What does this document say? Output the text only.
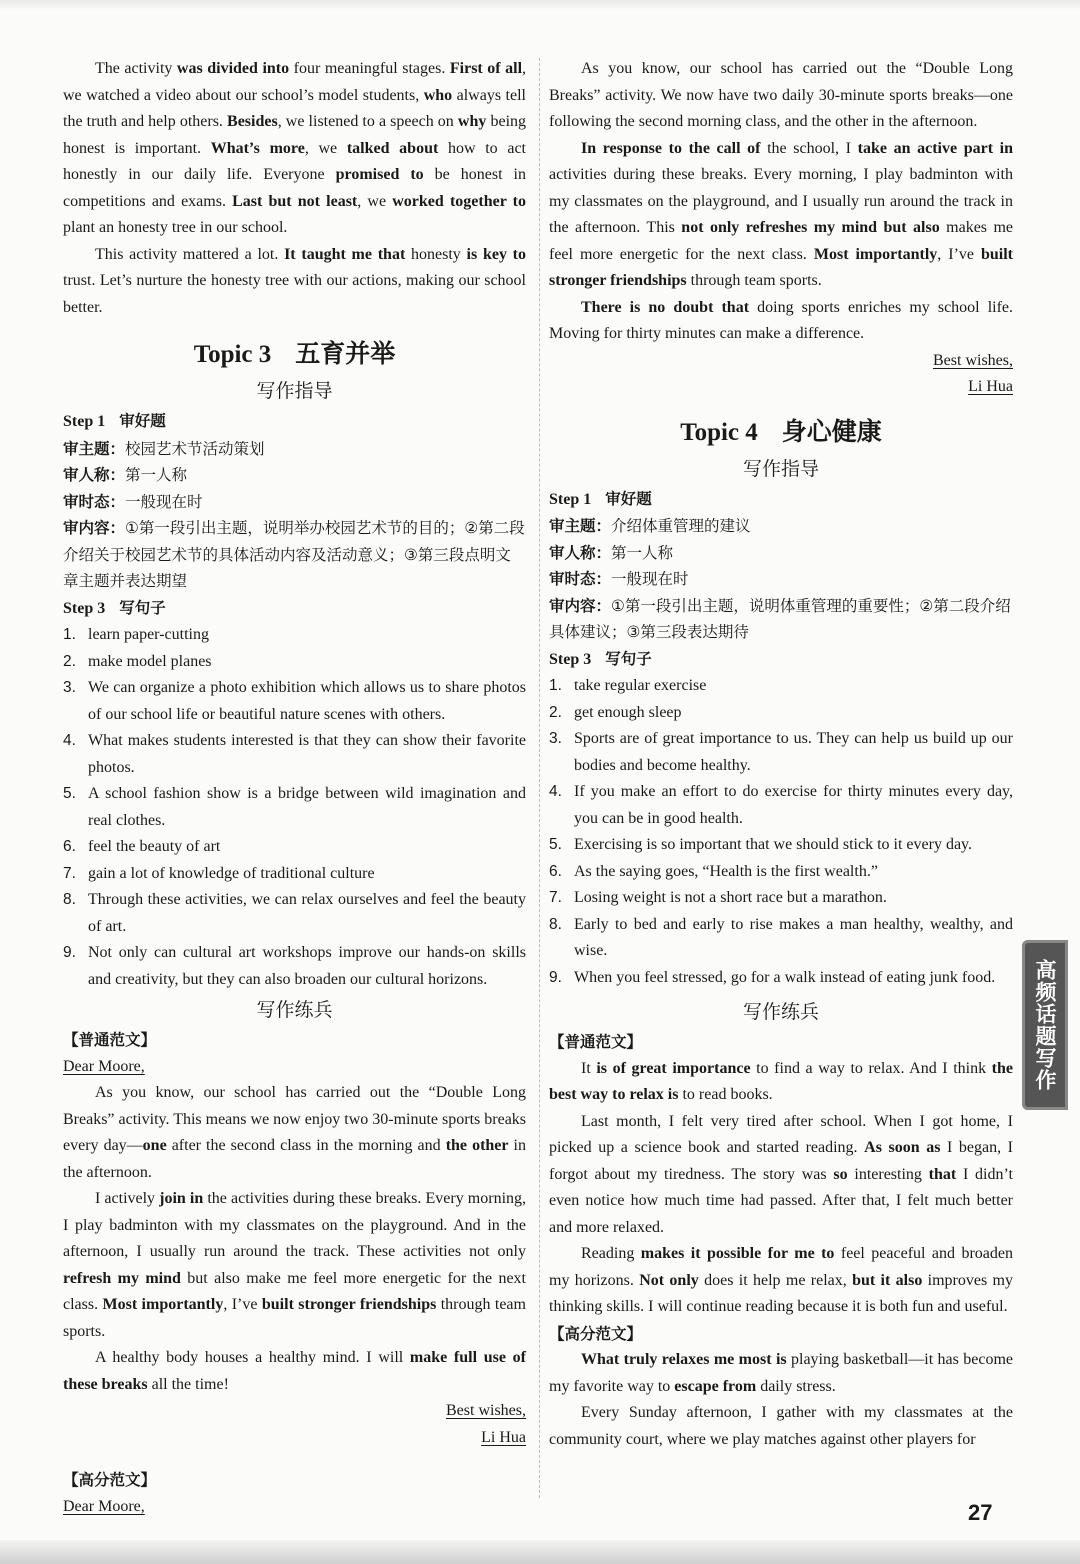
The activity was divided into four meaningful stages. First of all, we watched a video about our school’s model students, who always tell the truth and help others. Besides, we listened to a speech on why being honest is important. What’s more, we talked about how to act honestly in our daily life. Everyone promised to be honest in competitions and exams. Last but not least, we worked together to plant an honesty tree in our school.

This activity mattered a lot. It taught me that honesty is key to trust. Let’s nurture the honesty tree with our actions, making our school better.

Topic 3 五育并举
写作指导
Step 1 审好题
审主题：校园艺术节活动策划
审人称：第一人称
审时态：一般现在时
审内容：①第一段引出主题，说明举办校园艺术节的目的；②第二段介绍关于校园艺术节的具体活动内容及活动意义；③第三段点明文章主题并表达期望
Step 3 写句子
1. learn paper-cutting
2. make model planes
3. We can organize a photo exhibition which allows us to share photos of our school life or beautiful nature scenes with others.
4. What makes students interested is that they can show their favorite photos.
5. A school fashion show is a bridge between wild imagination and real clothes.
6. feel the beauty of art
7. gain a lot of knowledge of traditional culture
8. Through these activities, we can relax ourselves and feel the beauty of art.
9. Not only can cultural art workshops improve our hands-on skills and creativity, but they can also broaden our cultural horizons.
写作练兵
【普通范文】
Dear Moore,

As you know, our school has carried out the “Double Long Breaks” activity. This means we now enjoy two 30-minute sports breaks every day—one after the second class in the morning and the other in the afternoon.

I actively join in the activities during these breaks. Every morning, I play badminton with my classmates on the playground. And in the afternoon, I usually run around the track. These activities not only refresh my mind but also make me feel more energetic for the next class. Most importantly, I’ve built stronger friendships through team sports.

A healthy body houses a healthy mind. I will make full use of these breaks all the time!

Best wishes,
Li Hua
【高分范文】
Dear Moore,

As you know, our school has carried out the “Double Long Breaks” activity. We now have two daily 30-minute sports breaks—one following the second morning class, and the other in the afternoon.

In response to the call of the school, I take an active part in activities during these breaks. Every morning, I play badminton with my classmates on the playground, and I usually run around the track in the afternoon. This not only refreshes my mind but also makes me feel more energetic for the next class. Most importantly, I’ve built stronger friendships through team sports.

There is no doubt that doing sports enriches my school life. Moving for thirty minutes can make a difference.

Best wishes,
Li Hua
Topic 4 身心健康
写作指导
Step 1 审好题
审主题：介绍体重管理的建议
审人称：第一人称
审时态：一般现在时
审内容：①第一段引出主题，说明体重管理的重要性；②第二段介绍具体建议；③第三段表达期待
Step 3 写句子
1. take regular exercise
2. get enough sleep
3. Sports are of great importance to us. They can help us build up our bodies and become healthy.
4. If you make an effort to do exercise for thirty minutes every day, you can be in good health.
5. Exercising is so important that we should stick to it every day.
6. As the saying goes, “Health is the first wealth.”
7. Losing weight is not a short race but a marathon.
8. Early to bed and early to rise makes a man healthy, wealthy, and wise.
9. When you feel stressed, go for a walk instead of eating junk food.
写作练兵
【普通范文】

It is of great importance to find a way to relax. And I think the best way to relax is to read books.

Last month, I felt very tired after school. When I got home, I picked up a science book and started reading. As soon as I began, I forgot about my tiredness. The story was so interesting that I didn’t even notice how much time had passed. After that, I felt much better and more relaxed.

Reading makes it possible for me to feel peaceful and broaden my horizons. Not only does it help me relax, but it also improves my thinking skills. I will continue reading because it is both fun and useful.

【高分范文】

What truly relaxes me most is playing basketball—it has become my favorite way to escape from daily stress.

Every Sunday afternoon, I gather with my classmates at the community court, where we play matches against other players for

高频话题写作
27
